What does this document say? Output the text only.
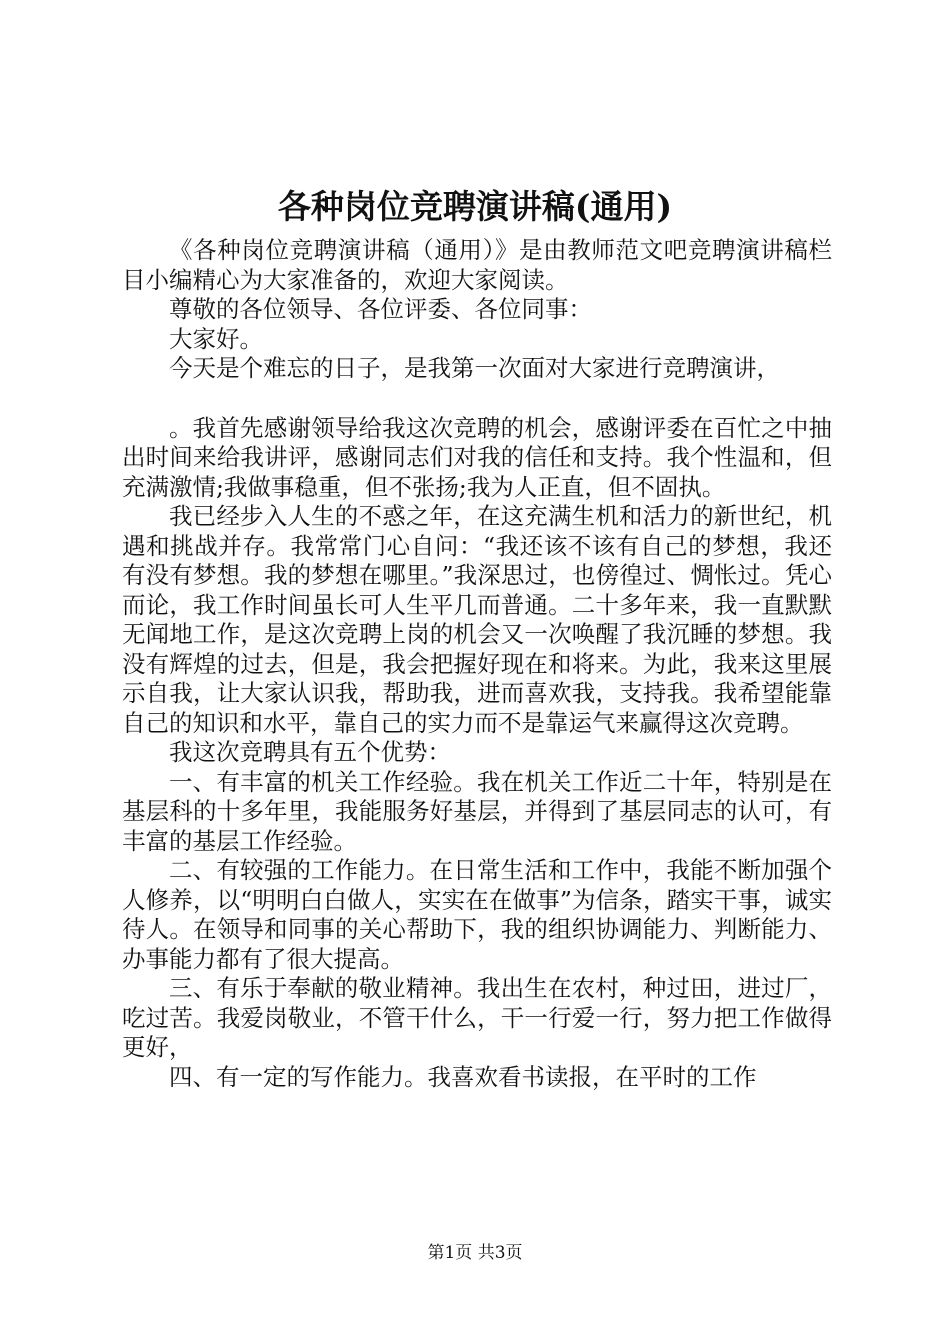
各种岗位竞聘演讲稿(通用)

《各种岗位竞聘演讲稿（通用）》是由教师范文吧竞聘演讲稿栏目小编精心为大家准备的，欢迎大家阅读。

尊敬的各位领导、各位评委、各位同事：

大家好。

今天是个难忘的日子，是我第一次面对大家进行竞聘演讲，

。我首先感谢领导给我这次竞聘的机会，感谢评委在百忙之中抽出时间来给我讲评，感谢同志们对我的信任和支持。我个性温和，但充满激情;我做事稳重，但不张扬;我为人正直，但不固执。

我已经步入人生的不惑之年，在这充满生机和活力的新世纪，机遇和挑战并存。我常常门心自问：“我还该不该有自己的梦想，我还有没有梦想。我的梦想在哪里。”我深思过，也傍徨过、惆怅过。凭心而论，我工作时间虽长可人生平几而普通。二十多年来，我一直默默无闻地工作，是这次竞聘上岗的机会又一次唤醒了我沉睡的梦想。我没有辉煌的过去，但是，我会把握好现在和将来。为此，我来这里展示自我，让大家认识我，帮助我，进而喜欢我，支持我。我希望能靠自己的知识和水平，靠自己的实力而不是靠运气来赢得这次竞聘。

我这次竞聘具有五个优势：

一、有丰富的机关工作经验。我在机关工作近二十年，特别是在基层科的十多年里，我能服务好基层，并得到了基层同志的认可，有丰富的基层工作经验。

二、有较强的工作能力。在日常生活和工作中，我能不断加强个人修养，以“明明白白做人，实实在在做事”为信条，踏实干事，诚实待人。在领导和同事的关心帮助下，我的组织协调能力、判断能力、办事能力都有了很大提高。

三、有乐于奉献的敬业精神。我出生在农村，种过田，进过厂，吃过苦。我爱岗敬业，不管干什么，干一行爱一行，努力把工作做得更好，

四、有一定的写作能力。我喜欢看书读报，在平时的工作

第1页 共3页
